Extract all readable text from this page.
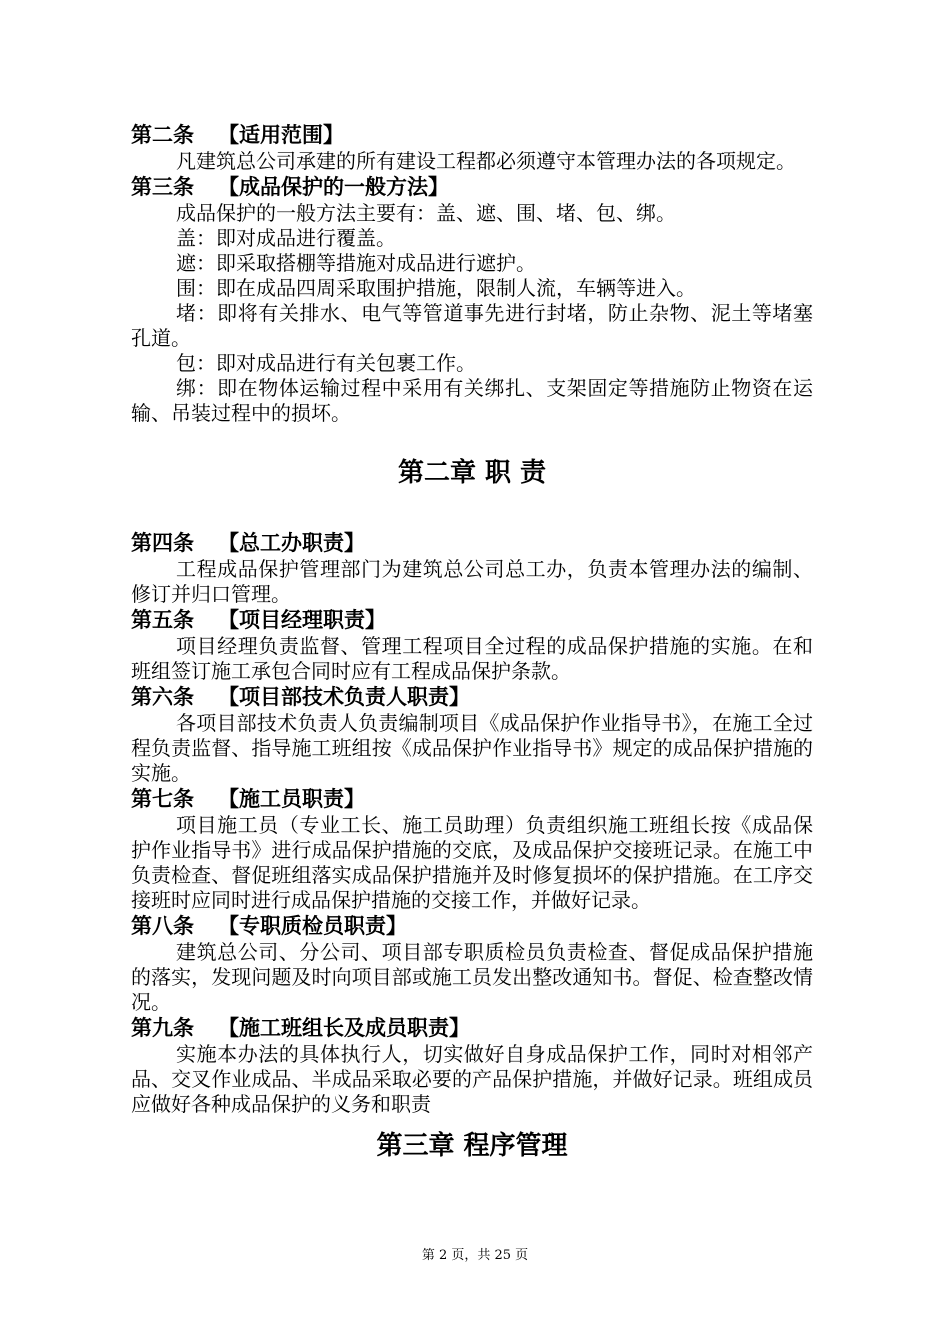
第二条 【适用范围】
凡建筑总公司承建的所有建设工程都必须遵守本管理办法的各项规定。
第三条 【成品保护的一般方法】
成品保护的一般方法主要有：盖、遮、围、堵、包、绑。
盖：即对成品进行覆盖。
遮：即采取搭棚等措施对成品进行遮护。
围：即在成品四周采取围护措施，限制人流，车辆等进入。
堵：即将有关排水、电气等管道事先进行封堵，防止杂物、泥土等堵塞孔道。
包：即对成品进行有关包裹工作。
绑：即在物体运输过程中采用有关绑扎、支架固定等措施防止物资在运输、吊装过程中的损坏。
第二章 职 责
第四条 【总工办职责】
工程成品保护管理部门为建筑总公司总工办，负责本管理办法的编制、修订并归口管理。
第五条 【项目经理职责】
项目经理负责监督、管理工程项目全过程的成品保护措施的实施。在和班组签订施工承包合同时应有工程成品保护条款。
第六条 【项目部技术负责人职责】
各项目部技术负责人负责编制项目《成品保护作业指导书》，在施工全过程负责监督、指导施工班组按《成品保护作业指导书》规定的成品保护措施的实施。
第七条 【施工员职责】
项目施工员（专业工长、施工员助理）负责组织施工班组长按《成品保护作业指导书》进行成品保护措施的交底，及成品保护交接班记录。在施工中负责检查、督促班组落实成品保护措施并及时修复损坏的保护措施。在工序交接班时应同时进行成品保护措施的交接工作，并做好记录。
第八条 【专职质检员职责】
建筑总公司、分公司、项目部专职质检员负责检查、督促成品保护措施的落实，发现问题及时向项目部或施工员发出整改通知书。督促、检查整改情况。
第九条 【施工班组长及成员职责】
实施本办法的具体执行人，切实做好自身成品保护工作，同时对相邻产品、交叉作业成品、半成品采取必要的产品保护措施，并做好记录。班组成员应做好各种成品保护的义务和职责
第三章 程序管理
第 2 页，共 25 页
